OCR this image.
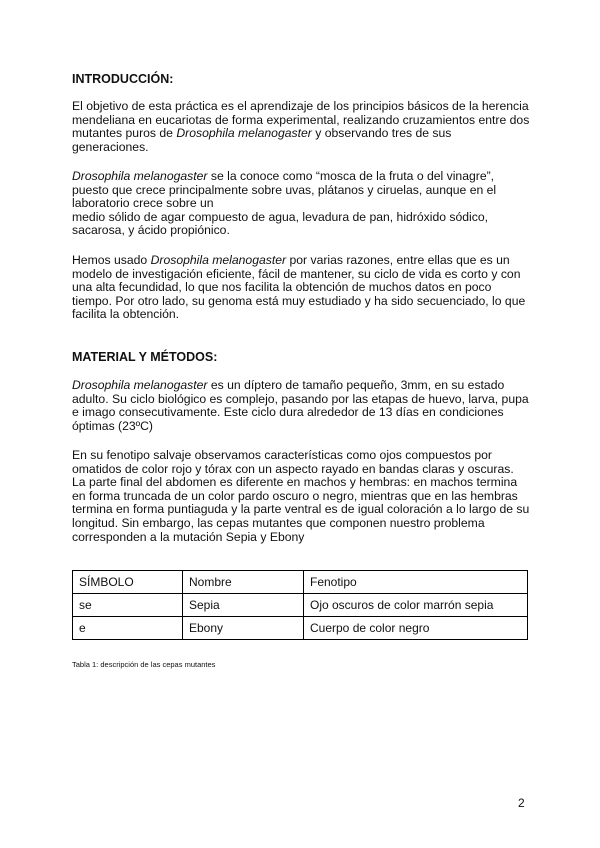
INTRODUCCIÓN:
El objetivo de esta práctica es el aprendizaje de los principios básicos de la herencia
mendeliana en eucariotas de forma experimental, realizando cruzamientos entre dos
mutantes puros de Drosophila melanogaster y observando tres de sus
generaciones.
Drosophila melanogaster se la conoce como “mosca de la fruta o del vinagre”,
puesto que crece principalmente sobre uvas, plátanos y ciruelas, aunque en el
laboratorio crece sobre un
medio sólido de agar compuesto de agua, levadura de pan, hidróxido sódico,
sacarosa, y ácido propiónico.
Hemos usado Drosophila melanogaster por varias razones, entre ellas que es un
modelo de investigación eficiente, fácil de mantener, su ciclo de vida es corto y con
una alta fecundidad, lo que nos facilita la obtención de muchos datos en poco
tiempo. Por otro lado, su genoma está muy estudiado y ha sido secuenciado, lo que
facilita la obtención.
MATERIAL Y MÉTODOS:
Drosophila melanogaster es un díptero de tamaño pequeño, 3mm, en su estado
adulto. Su ciclo biológico es complejo, pasando por las etapas de huevo, larva, pupa
e imago consecutivamente. Este ciclo dura alrededor de 13 días en condiciones
óptimas (23ºC)
En su fenotipo salvaje observamos características como ojos compuestos por
omatidos de color rojo y tórax con un aspecto rayado en bandas claras y oscuras.
La parte final del abdomen es diferente en machos y hembras: en machos termina
en forma truncada de un color pardo oscuro o negro, mientras que en las hembras
termina en forma puntiaguda y la parte ventral es de igual coloración a lo largo de su
longitud. Sin embargo, las cepas mutantes que componen nuestro problema
corresponden a la mutación Sepia y Ebony
SÍMBOLO	Nombre	Fenotipo
se	Sepia	Ojo oscuros de color marrón sepia
e	Ebony	Cuerpo de color negro
Tabla 1: descripción de las cepas mutantes
2
